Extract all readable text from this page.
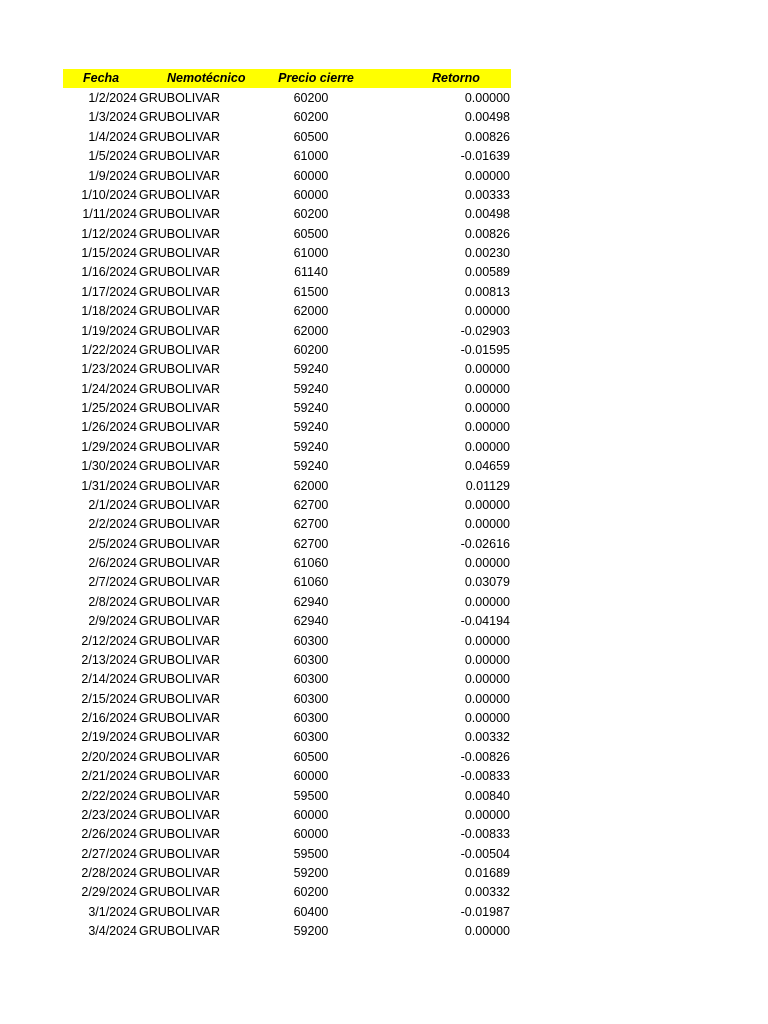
Fecha	Nemotécnico	Precio cierre	Retorno
1/2/2024 GRUBOLIVAR	60200	0.00000
1/3/2024 GRUBOLIVAR	60200	0.00498
1/4/2024 GRUBOLIVAR	60500	0.00826
1/5/2024 GRUBOLIVAR	61000	-0.01639
1/9/2024 GRUBOLIVAR	60000	0.00000
1/10/2024 GRUBOLIVAR	60000	0.00333
1/11/2024 GRUBOLIVAR	60200	0.00498
1/12/2024 GRUBOLIVAR	60500	0.00826
1/15/2024 GRUBOLIVAR	61000	0.00230
1/16/2024 GRUBOLIVAR	61140	0.00589
1/17/2024 GRUBOLIVAR	61500	0.00813
1/18/2024 GRUBOLIVAR	62000	0.00000
1/19/2024 GRUBOLIVAR	62000	-0.02903
1/22/2024 GRUBOLIVAR	60200	-0.01595
1/23/2024 GRUBOLIVAR	59240	0.00000
1/24/2024 GRUBOLIVAR	59240	0.00000
1/25/2024 GRUBOLIVAR	59240	0.00000
1/26/2024 GRUBOLIVAR	59240	0.00000
1/29/2024 GRUBOLIVAR	59240	0.00000
1/30/2024 GRUBOLIVAR	59240	0.04659
1/31/2024 GRUBOLIVAR	62000	0.01129
2/1/2024 GRUBOLIVAR	62700	0.00000
2/2/2024 GRUBOLIVAR	62700	0.00000
2/5/2024 GRUBOLIVAR	62700	-0.02616
2/6/2024 GRUBOLIVAR	61060	0.00000
2/7/2024 GRUBOLIVAR	61060	0.03079
2/8/2024 GRUBOLIVAR	62940	0.00000
2/9/2024 GRUBOLIVAR	62940	-0.04194
2/12/2024 GRUBOLIVAR	60300	0.00000
2/13/2024 GRUBOLIVAR	60300	0.00000
2/14/2024 GRUBOLIVAR	60300	0.00000
2/15/2024 GRUBOLIVAR	60300	0.00000
2/16/2024 GRUBOLIVAR	60300	0.00000
2/19/2024 GRUBOLIVAR	60300	0.00332
2/20/2024 GRUBOLIVAR	60500	-0.00826
2/21/2024 GRUBOLIVAR	60000	-0.00833
2/22/2024 GRUBOLIVAR	59500	0.00840
2/23/2024 GRUBOLIVAR	60000	0.00000
2/26/2024 GRUBOLIVAR	60000	-0.00833
2/27/2024 GRUBOLIVAR	59500	-0.00504
2/28/2024 GRUBOLIVAR	59200	0.01689
2/29/2024 GRUBOLIVAR	60200	0.00332
3/1/2024 GRUBOLIVAR	60400	-0.01987
3/4/2024 GRUBOLIVAR	59200	0.00000
